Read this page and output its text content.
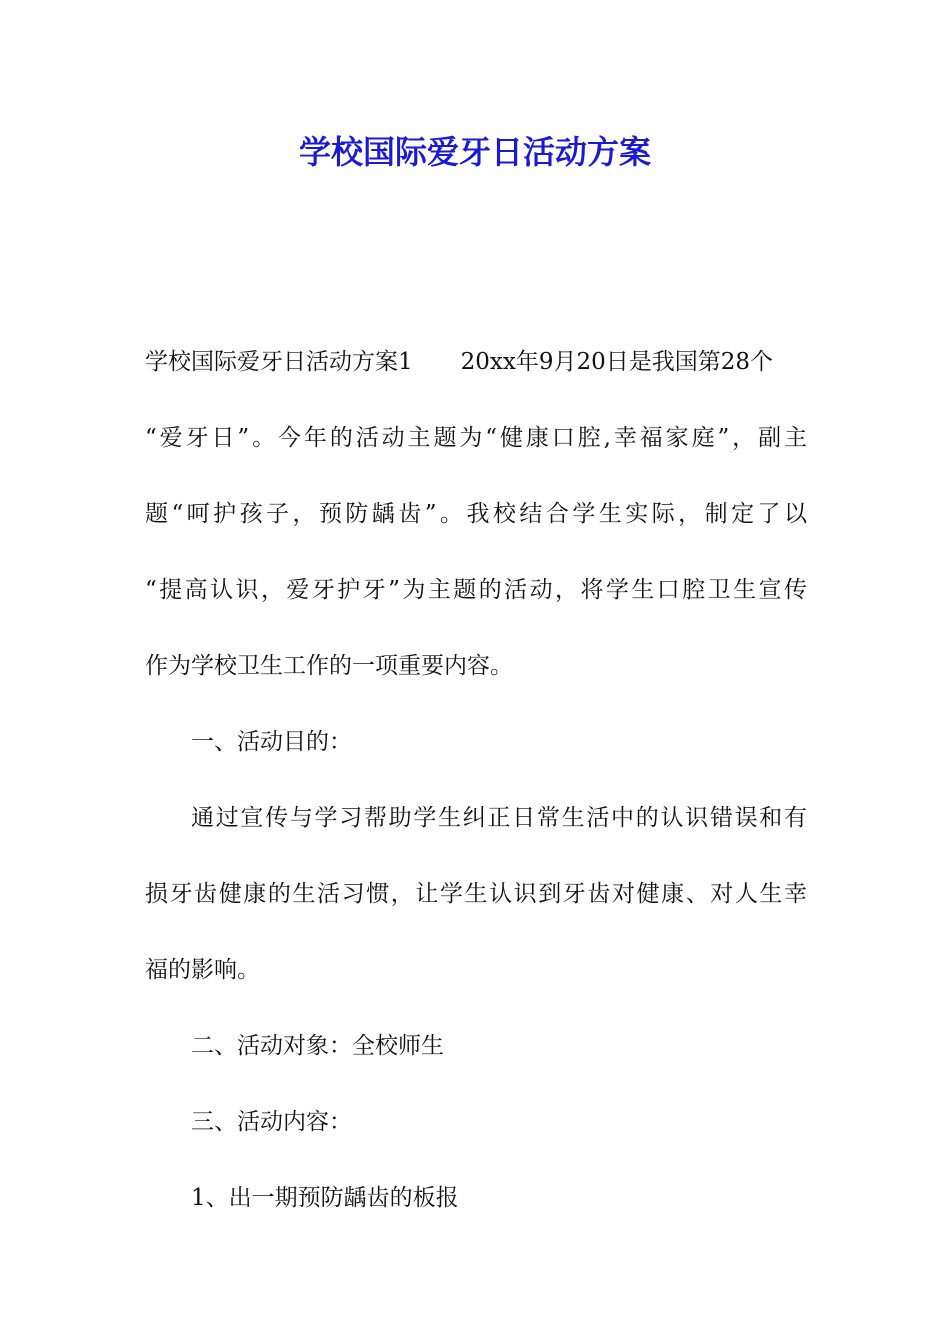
学校国际爱牙日活动方案
学校国际爱牙日活动方案1 20xx年9月20日是我国第28个
“爱牙日”。今年的活动主题为“健康口腔,幸福家庭”，副主
题“呵护孩子，预防龋齿”。我校结合学生实际，制定了以
“提高认识，爱牙护牙”为主题的活动，将学生口腔卫生宣传
作为学校卫生工作的一项重要内容。
一、活动目的：
通过宣传与学习帮助学生纠正日常生活中的认识错误和有
损牙齿健康的生活习惯，让学生认识到牙齿对健康、对人生幸
福的影响。
二、活动对象：全校师生
三、活动内容：
1、出一期预防龋齿的板报
